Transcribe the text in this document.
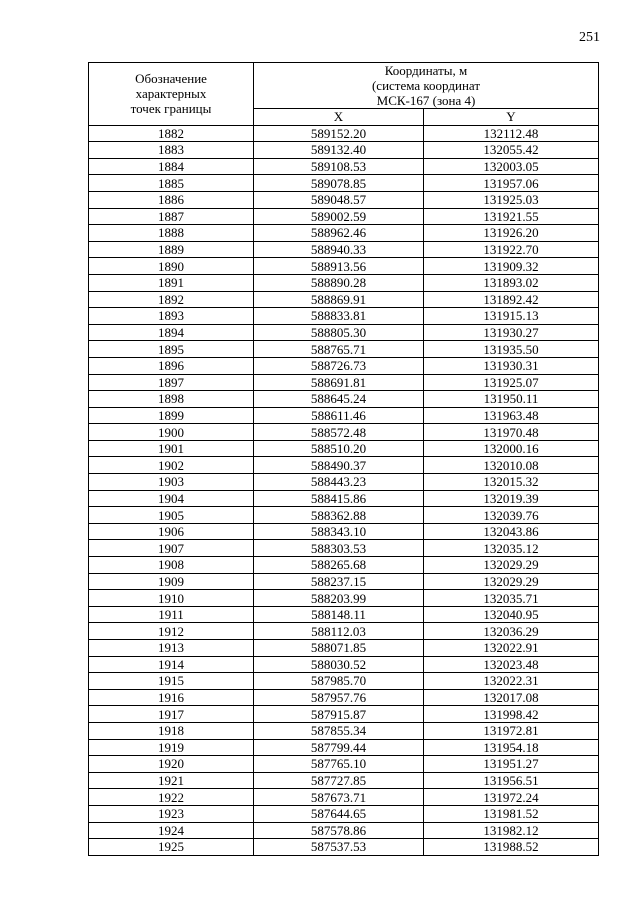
251
Обозначение
характерных
точек границы	Координаты, м
(система координат
МСК-167 (зона 4)	

	X	Y
1882	589152.20	132112.48
1883	589132.40	132055.42
1884	589108.53	132003.05
1885	589078.85	131957.06
1886	589048.57	131925.03
1887	589002.59	131921.55
1888	588962.46	131926.20
1889	588940.33	131922.70
1890	588913.56	131909.32
1891	588890.28	131893.02
1892	588869.91	131892.42
1893	588833.81	131915.13
1894	588805.30	131930.27
1895	588765.71	131935.50
1896	588726.73	131930.31
1897	588691.81	131925.07
1898	588645.24	131950.11
1899	588611.46	131963.48
1900	588572.48	131970.48
1901	588510.20	132000.16
1902	588490.37	132010.08
1903	588443.23	132015.32
1904	588415.86	132019.39
1905	588362.88	132039.76
1906	588343.10	132043.86
1907	588303.53	132035.12
1908	588265.68	132029.29
1909	588237.15	132029.29
1910	588203.99	132035.71
1911	588148.11	132040.95
1912	588112.03	132036.29
1913	588071.85	132022.91
1914	588030.52	132023.48
1915	587985.70	132022.31
1916	587957.76	132017.08
1917	587915.87	131998.42
1918	587855.34	131972.81
1919	587799.44	131954.18
1920	587765.10	131951.27
1921	587727.85	131956.51
1922	587673.71	131972.24
1923	587644.65	131981.52
1924	587578.86	131982.12
1925	587537.53	131988.52
